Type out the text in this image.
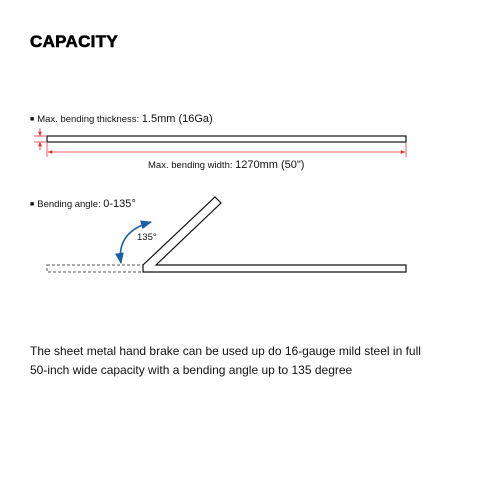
CAPACITY
■ Max. bending thickness: 1.5mm (16Ga)
Max. bending width: 1270mm (50")
■ Bending angle: 0-135°
135°

The sheet metal hand brake can be used up do 16-gauge mild steel in full

50-inch wide capacity with a bending angle up to 135 degree
